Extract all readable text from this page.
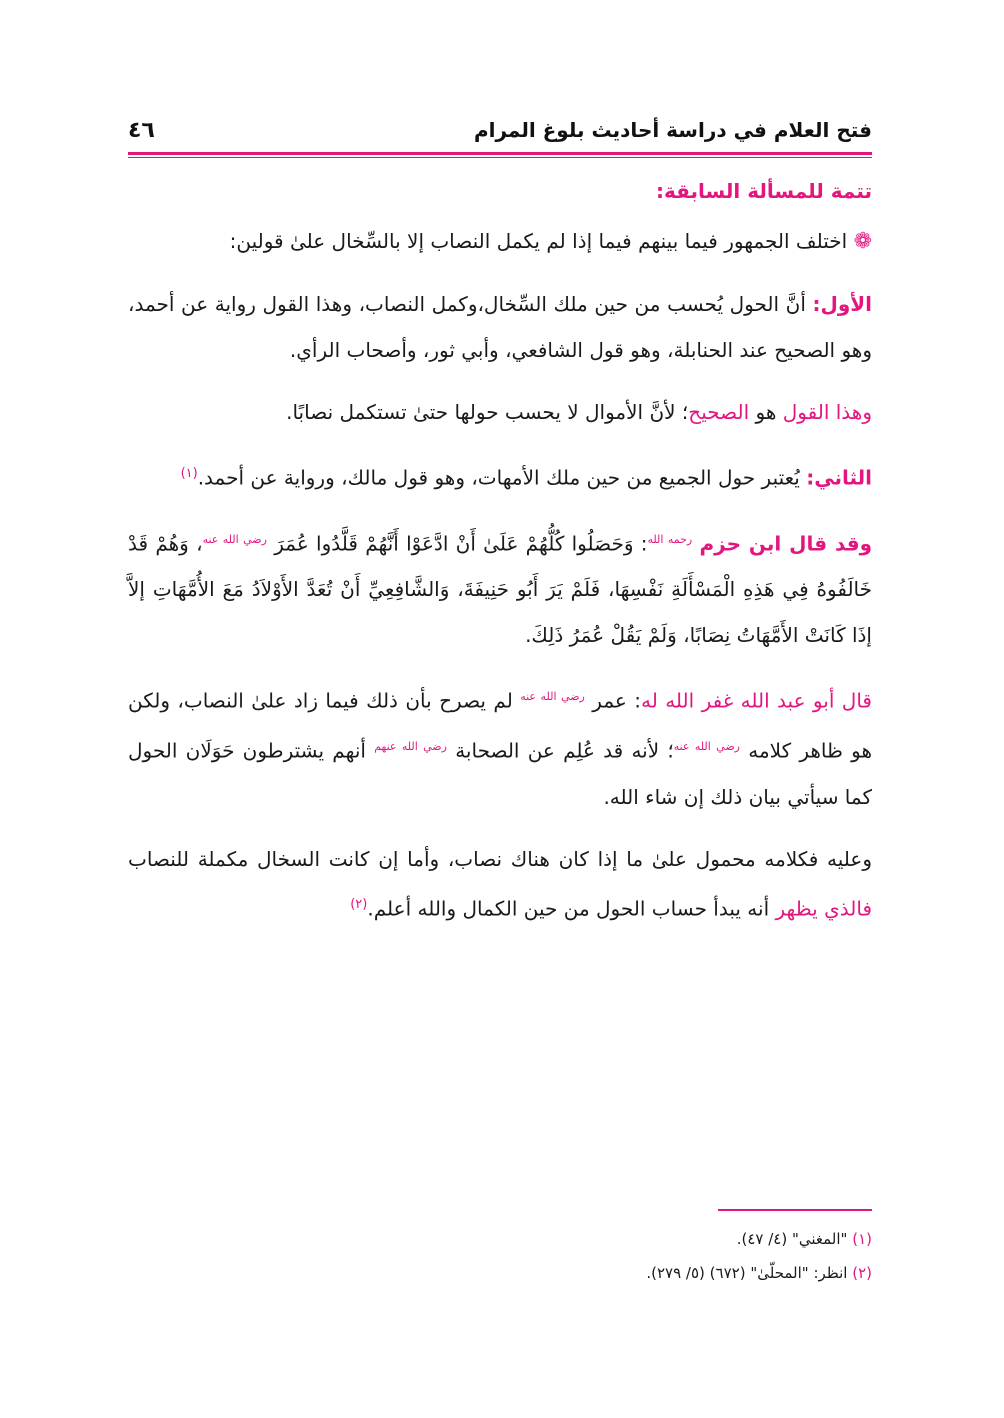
فتح العلام في دراسة أحاديث بلوغ المرام
٤٦

تتمة للمسألة السابقة:

❁ اختلف الجمهور فيما بينهم فيما إذا لم يكمل النصاب إلا بالسِّخال علىٰ قولين:

الأول: أنَّ الحول يُحسب من حين ملك السِّخال،وكمل النصاب، وهذا القول رواية عن أحمد، وهو الصحيح عند الحنابلة، وهو قول الشافعي، وأبي ثور، وأصحاب الرأي.

وهذا القول هو الصحيح؛ لأنَّ الأموال لا يحسب حولها حتىٰ تستكمل نصابًا.

الثاني: يُعتبر حول الجميع من حين ملك الأمهات، وهو قول مالك، ورواية عن أحمد.$^{(١)}$

وقد قال ابن حزم $^{رحمه الله}$: وَحَصَلُوا كُلُّهُمْ عَلَىٰ أَنْ ادَّعَوْا أَنَّهُمْ قَلَّدُوا عُمَرَ $^{رضي الله عنه}$، وَهُمْ قَدْ خَالَفُوهُ فِي هَذِهِ الْمَسْأَلَةِ نَفْسِهَا، فَلَمْ يَرَ أَبُو حَنِيفَةَ، وَالشَّافِعِيِّ أَنْ تُعَدَّ الأَوْلاَدُ مَعَ الأُمَّهَاتِ إلاَّ إذَا كَانَتْ الأَمَّهَاتُ نِصَابًا، وَلَمْ يَقُلْ عُمَرُ ذَلِكَ.

قال أبو عبد الله غفر الله له: عمر $^{رضي الله عنه}$ لم يصرح بأن ذلك فيما زاد علىٰ النصاب، ولكن هو ظاهر كلامه $^{رضي الله عنه}$؛ لأنه قد عُلِم عن الصحابة $^{رضي الله عنهم}$ أنهم يشترطون حَوَلَان الحول كما سيأتي بيان ذلك إن شاء الله.

وعليه فكلامه محمول علىٰ ما إذا كان هناك نصاب، وأما إن كانت السخال مكملة للنصاب فالذي يظهر أنه يبدأ حساب الحول من حين الكمال والله أعلم.$^{(٢)}$

(١) "المغني" (٤/ ٤٧).
(٢) انظر: "المحلّىٰ" (٦٧٢) (٥/ ٢٧٩).
